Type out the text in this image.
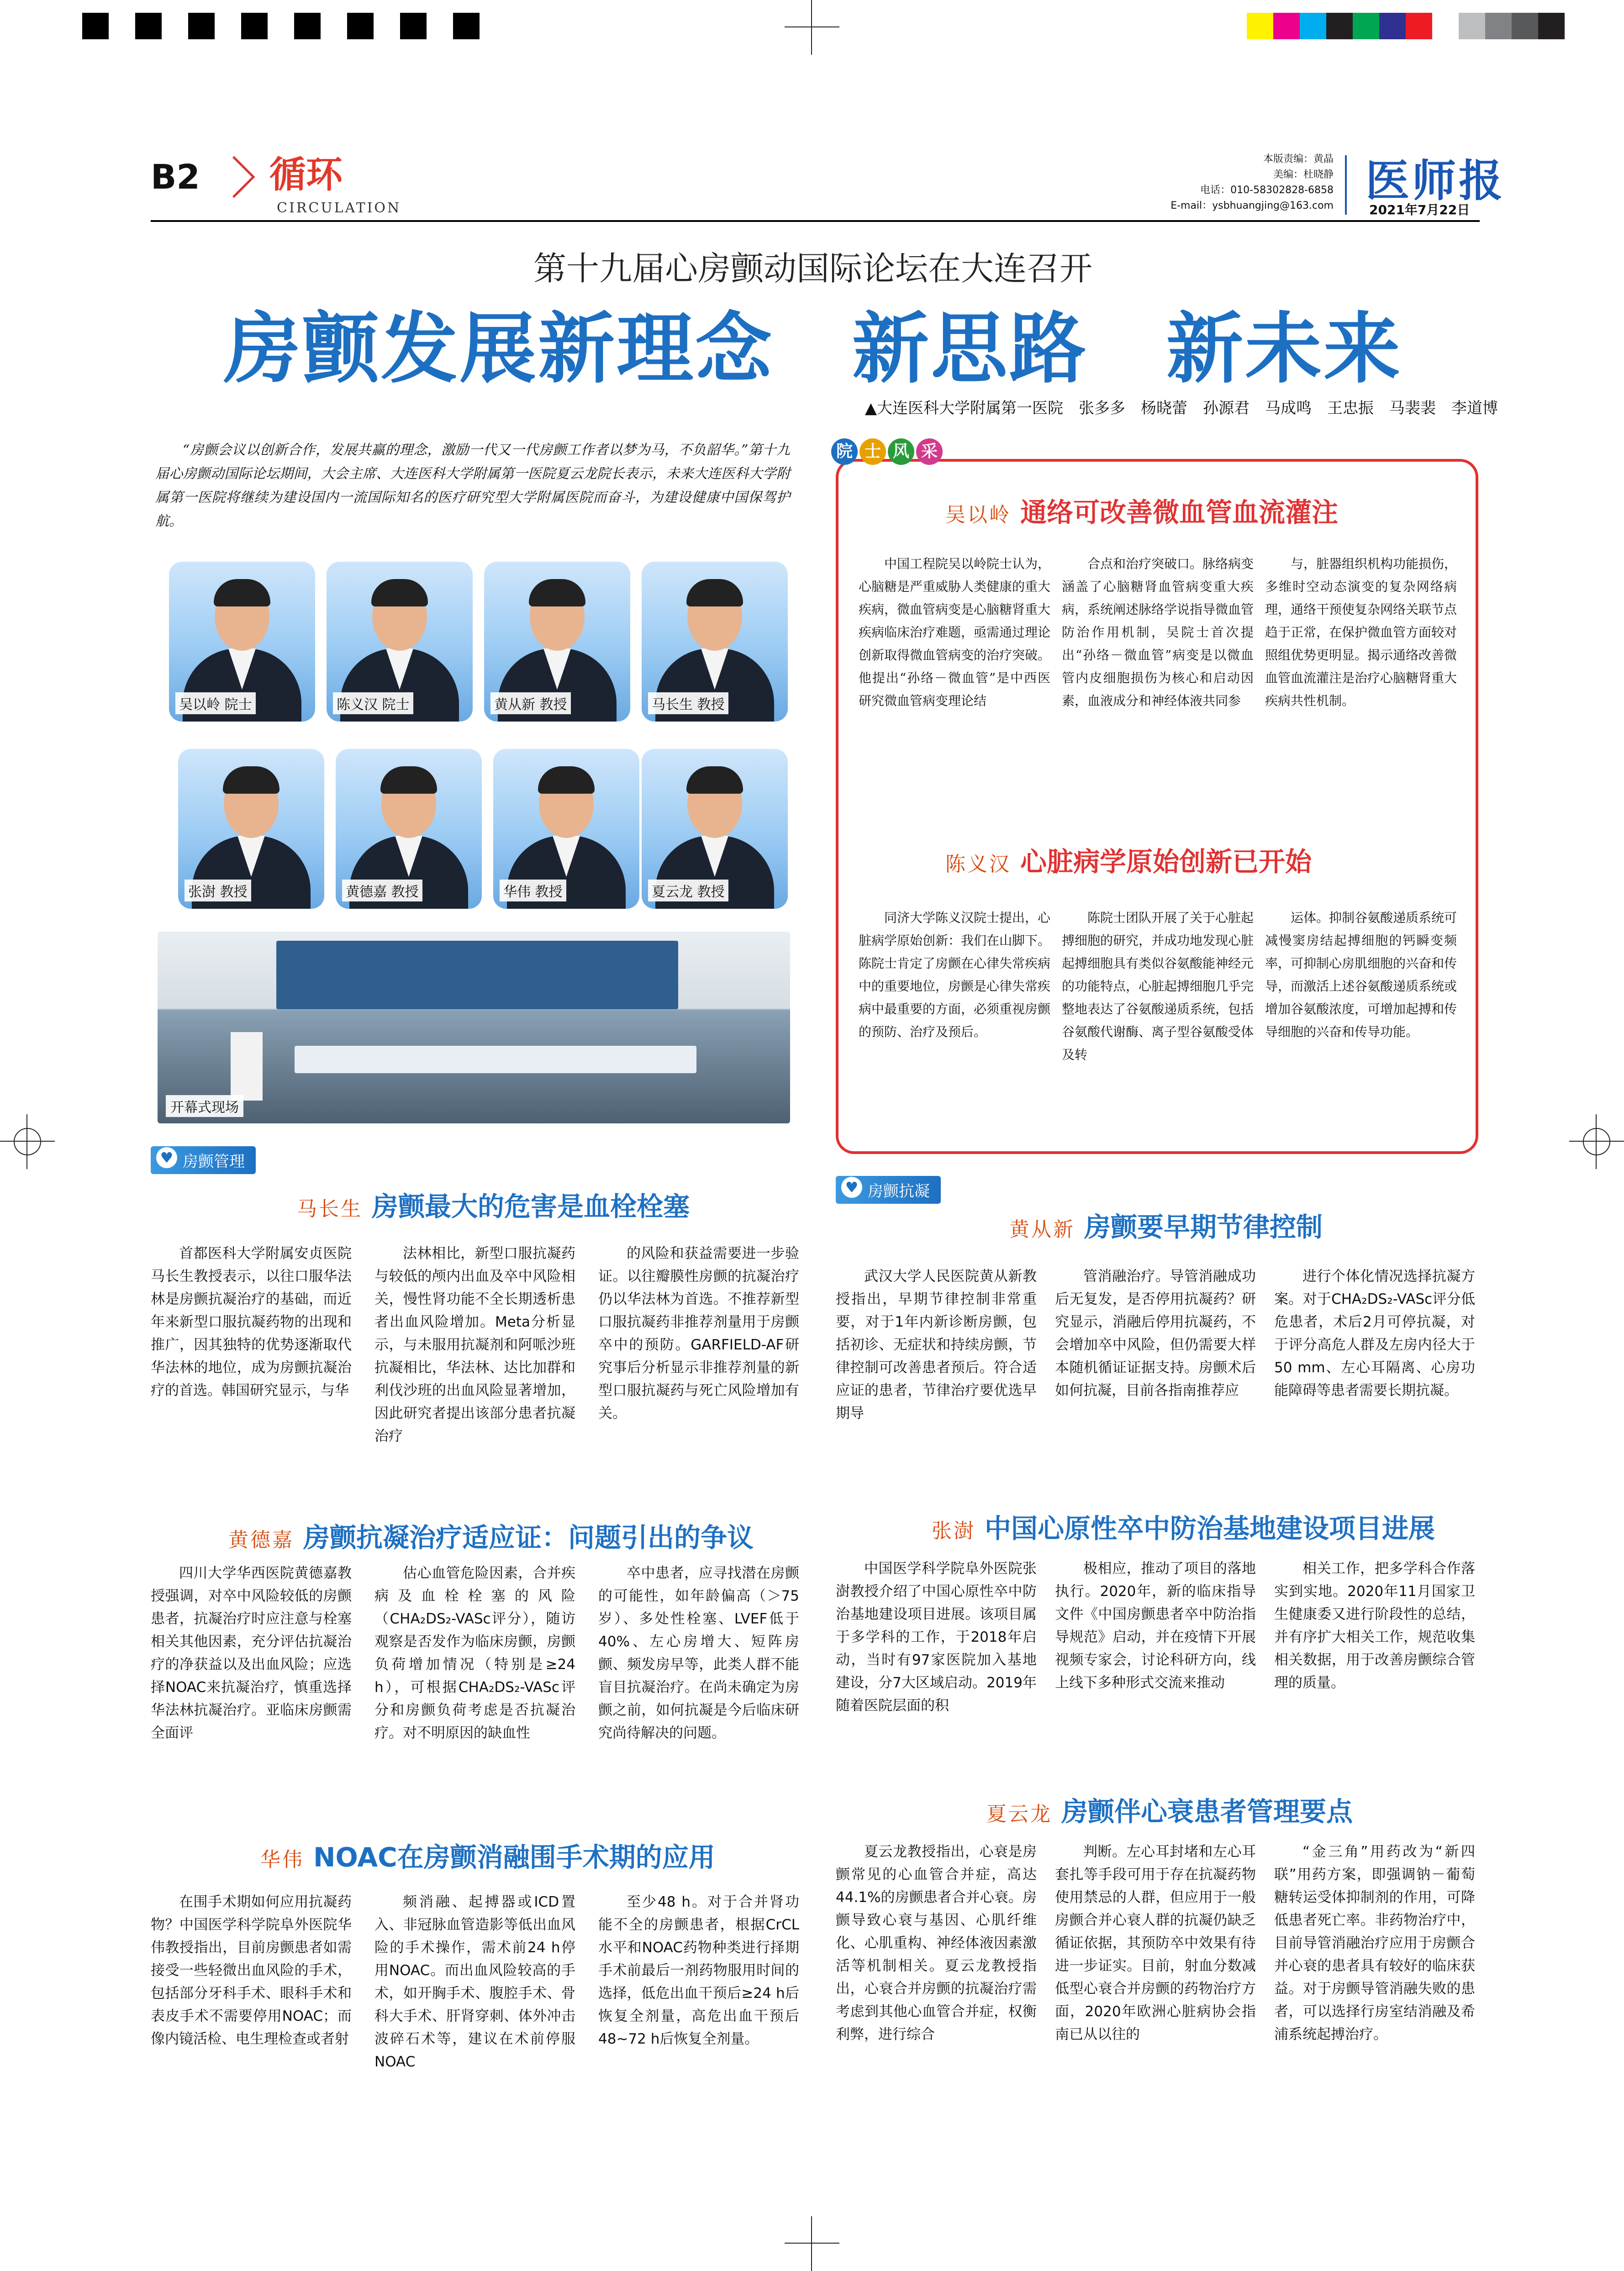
B2 循环
CIRCULATION
本版责编：黄晶
美编：杜晓静
电话：010-58302828-6858
E-mail：ysbhuangjing@163.com 医师报
2021年7月22日
第十九届心房颤动国际论坛在大连召开
房颤发展新理念　新思路　新未来
▲大连医科大学附属第一医院　张多多　杨晓蕾　孙源君　马成鸣　王忠振　马裴裴　李道博
“房颤会议以创新合作，发展共赢的理念，激励一代又一代房颤工作者以梦为马，不负韶华。”第十九届心房颤动国际论坛期间，大会主席、大连医科大学附属第一医院夏云龙院长表示，未来大连医科大学附属第一医院将继续为建设国内一流国际知名的医疗研究型大学附属医院而奋斗，为建设健康中国保驾护航。
吴以岭 院士	陈义汉 院士	黄从新 教授	马长生 教授
张澍 教授	黄德嘉 教授	华伟 教授	夏云龙 教授
开幕式现场
院 士 风 采
吴以岭 通络可改善微血管血流灌注

中国工程院吴以岭院士认为，心脑糖是严重威胁人类健康的重大疾病，微血管病变是心脑糖肾重大疾病临床治疗难题，亟需通过理论创新取得微血管病变的治疗突破。他提出“孙络－微血管”是中西医研究微血管病变理论结

合点和治疗突破口。脉络病变涵盖了心脑糖肾血管病变重大疾病，系统阐述脉络学说指导微血管防治作用机制，吴院士首次提出“孙络－微血管”病变是以微血管内皮细胞损伤为核心和启动因素，血液成分和神经体液共同参

与，脏器组织机构功能损伤，多维时空动态演变的复杂网络病理，通络干预使复杂网络关联节点趋于正常，在保护微血管方面较对照组优势更明显。揭示通络改善微血管血流灌注是治疗心脑糖肾重大疾病共性机制。

陈义汉 心脏病学原始创新已开始

同济大学陈义汉院士提出，心脏病学原始创新：我们在山脚下。陈院士肯定了房颤在心律失常疾病中的重要地位，房颤是心律失常疾病中最重要的方面，必须重视房颤的预防、治疗及预后。

陈院士团队开展了关于心脏起搏细胞的研究，并成功地发现心脏起搏细胞具有类似谷氨酸能神经元的功能特点，心脏起搏细胞几乎完整地表达了谷氨酸递质系统，包括谷氨酸代谢酶、离子型谷氨酸受体及转

运体。抑制谷氨酸递质系统可减慢窦房结起搏细胞的钙瞬变频率，可抑制心房肌细胞的兴奋和传导，而激活上述谷氨酸递质系统或增加谷氨酸浓度，可增加起搏和传导细胞的兴奋和传导功能。

♥ 房颤管理
马长生 房颤最大的危害是血栓栓塞

首都医科大学附属安贞医院马长生教授表示，以往口服华法林是房颤抗凝治疗的基础，而近年来新型口服抗凝药物的出现和推广，因其独特的优势逐渐取代华法林的地位，成为房颤抗凝治疗的首选。韩国研究显示，与华

法林相比，新型口服抗凝药与较低的颅内出血及卒中风险相关，慢性肾功能不全长期透析患者出血风险增加。Meta分析显示，与未服用抗凝剂和阿哌沙班抗凝相比，华法林、达比加群和利伐沙班的出血风险显著增加，因此研究者提出该部分患者抗凝治疗

的风险和获益需要进一步验证。以往瓣膜性房颤的抗凝治疗仍以华法林为首选。不推荐新型口服抗凝药非推荐剂量用于房颤卒中的预防。GARFIELD-AF研究事后分析显示非推荐剂量的新型口服抗凝药与死亡风险增加有关。

黄德嘉 房颤抗凝治疗适应证：问题引出的争议

四川大学华西医院黄德嘉教授强调，对卒中风险较低的房颤患者，抗凝治疗时应注意与栓塞相关其他因素，充分评估抗凝治疗的净获益以及出血风险；应选择NOAC来抗凝治疗，慎重选择华法林抗凝治疗。亚临床房颤需全面评

估心血管危险因素，合并疾病及血栓栓塞的风险（CHA₂DS₂-VASc评分），随访观察是否发作为临床房颤，房颤负荷增加情况（特别是≥24 h），可根据CHA₂DS₂-VASc评分和房颤负荷考虑是否抗凝治疗。对不明原因的缺血性

卒中患者，应寻找潜在房颤的可能性，如年龄偏高（＞75岁）、多处性栓塞、LVEF低于40%、左心房增大、短阵房颤、频发房早等，此类人群不能盲目抗凝治疗。在尚未确定为房颤之前，如何抗凝是今后临床研究尚待解决的问题。

华伟 NOAC在房颤消融围手术期的应用

在围手术期如何应用抗凝药物？中国医学科学院阜外医院华伟教授指出，目前房颤患者如需接受一些轻微出血风险的手术，包括部分牙科手术、眼科手术和表皮手术不需要停用NOAC；而像内镜活检、电生理检查或者射

频消融、起搏器或ICD置入、非冠脉血管造影等低出血风险的手术操作，需术前24 h停用NOAC。而出血风险较高的手术，如开胸手术、腹腔手术、骨科大手术、肝肾穿刺、体外冲击波碎石术等，建议在术前停服NOAC

至少48 h。对于合并肾功能不全的房颤患者，根据CrCL水平和NOAC药物种类进行择期手术前最后一剂药物服用时间的选择，低危出血干预后≥24 h后恢复全剂量，高危出血干预后48~72 h后恢复全剂量。

♥ 房颤抗凝
黄从新 房颤要早期节律控制

武汉大学人民医院黄从新教授指出，早期节律控制非常重要，对于1年内新诊断房颤，包括初诊、无症状和持续房颤，节律控制可改善患者预后。符合适应证的患者，节律治疗要优选早期导

管消融治疗。导管消融成功后无复发，是否停用抗凝药？研究显示，消融后停用抗凝药，不会增加卒中风险，但仍需要大样本随机循证证据支持。房颤术后如何抗凝，目前各指南推荐应

进行个体化情况选择抗凝方案。对于CHA₂DS₂-VASc评分低危患者，术后2月可停抗凝，对于评分高危人群及左房内径大于50 mm、左心耳隔离、心房功能障碍等患者需要长期抗凝。

张澍 中国心原性卒中防治基地建设项目进展

中国医学科学院阜外医院张澍教授介绍了中国心原性卒中防治基地建设项目进展。该项目属于多学科的工作，于2018年启动，当时有97家医院加入基地建设，分7大区域启动。2019年随着医院层面的积

极相应，推动了项目的落地执行。2020年，新的临床指导文件《中国房颤患者卒中防治指导规范》启动，并在疫情下开展视频专家会，讨论科研方向，线上线下多种形式交流来推动

相关工作，把多学科合作落实到实地。2020年11月国家卫生健康委又进行阶段性的总结，并有序扩大相关工作，规范收集相关数据，用于改善房颤综合管理的质量。

夏云龙 房颤伴心衰患者管理要点

夏云龙教授指出，心衰是房颤常见的心血管合并症，高达44.1%的房颤患者合并心衰。房颤导致心衰与基因、心肌纤维化、心肌重构、神经体液因素激活等机制相关。夏云龙教授指出，心衰合并房颤的抗凝治疗需考虑到其他心血管合并症，权衡利弊，进行综合

判断。左心耳封堵和左心耳套扎等手段可用于存在抗凝药物使用禁忌的人群，但应用于一般房颤合并心衰人群的抗凝仍缺乏循证依据，其预防卒中效果有待进一步证实。目前，射血分数减低型心衰合并房颤的药物治疗方面，2020年欧洲心脏病协会指南已从以往的

“金三角”用药改为“新四联”用药方案，即强调钠－葡萄糖转运受体抑制剂的作用，可降低患者死亡率。非药物治疗中，目前导管消融治疗应用于房颤合并心衰的患者具有较好的临床获益。对于房颤导管消融失败的患者，可以选择行房室结消融及希浦系统起搏治疗。
